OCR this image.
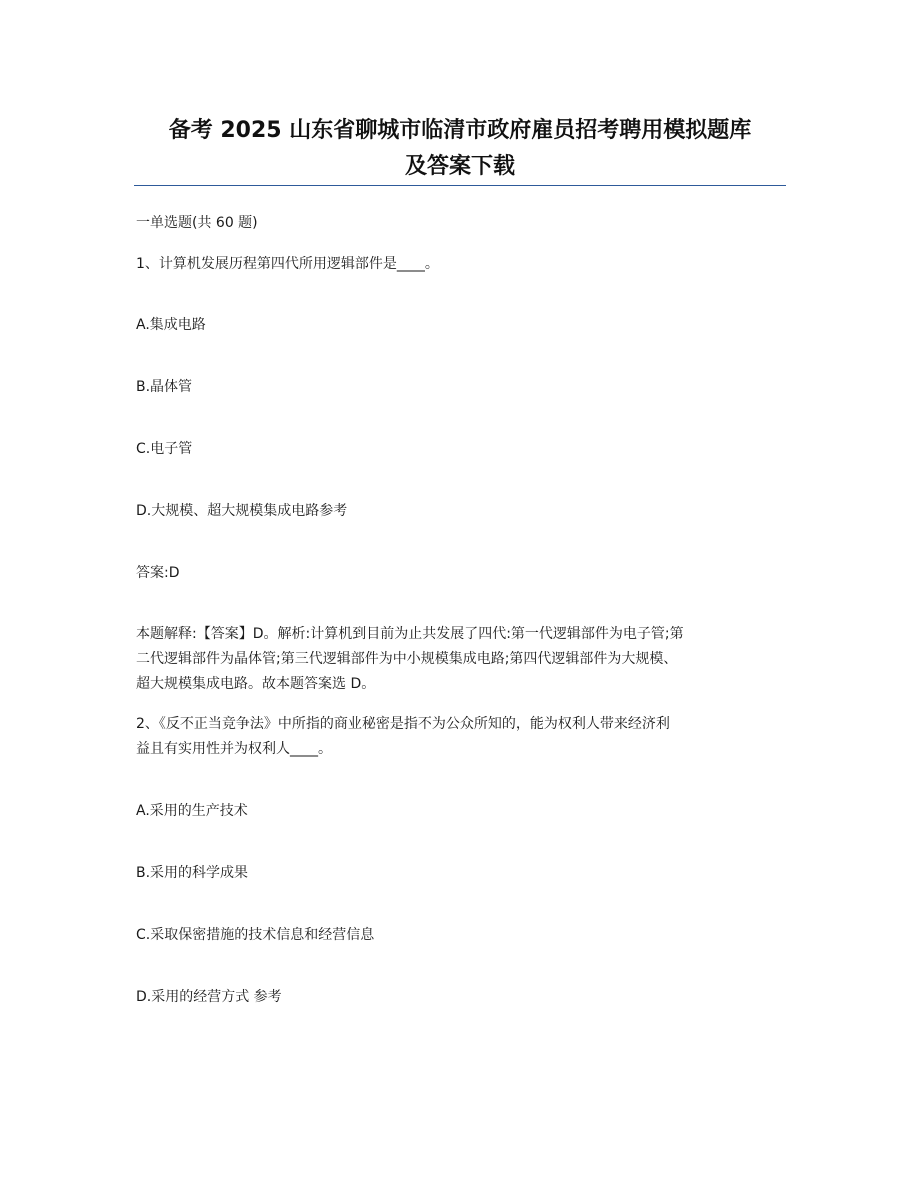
备考 2025 山东省聊城市临清市政府雇员招考聘用模拟题库
及答案下载
一单选题(共 60 题)
1、计算机发展历程第四代所用逻辑部件是____。
A.集成电路
B.晶体管
C.电子管
D.大规模、超大规模集成电路参考
答案:D

本题解释:【答案】D。解析:计算机到目前为止共发展了四代:第一代逻辑部件为电子管;第

二代逻辑部件为晶体管;第三代逻辑部件为中小规模集成电路;第四代逻辑部件为大规模、

超大规模集成电路。故本题答案选 D。

2、《反不正当竞争法》中所指的商业秘密是指不为公众所知的，能为权利人带来经济利

益且有实用性并为权利人____。

A.采用的生产技术
B.采用的科学成果
C.采取保密措施的技术信息和经营信息
D.采用的经营方式 参考
